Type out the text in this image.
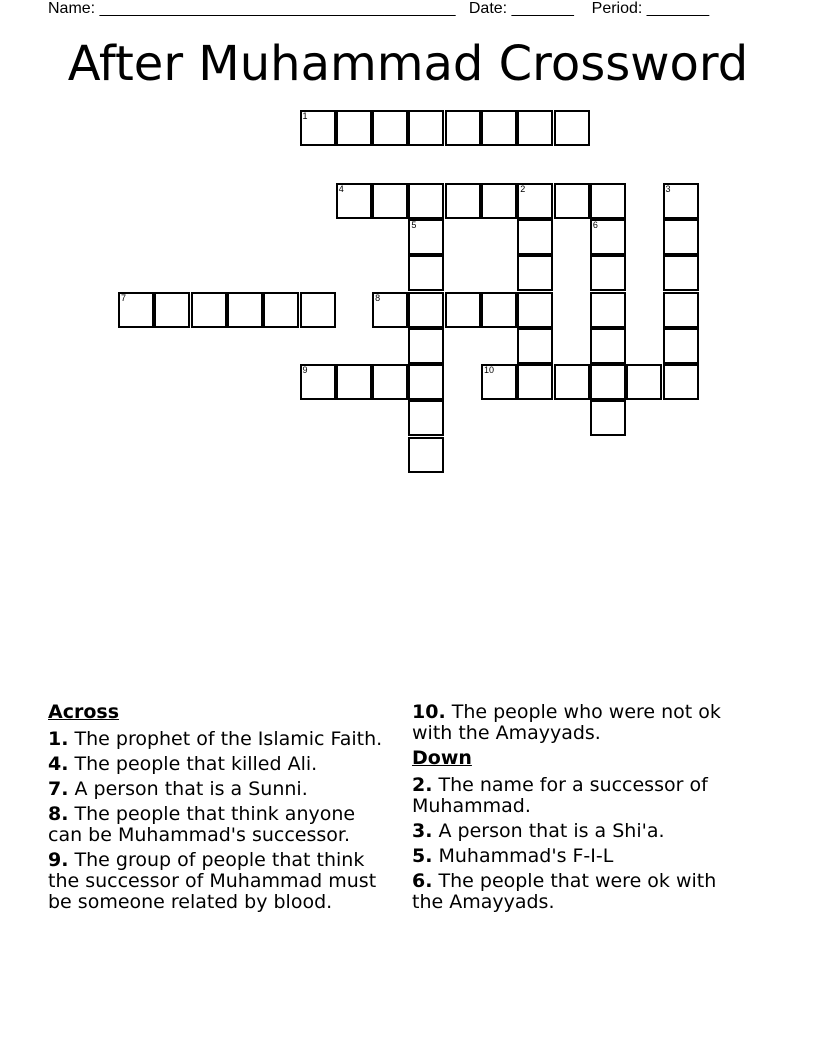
Name: ________________________________________ Date: _______ Period: _______
After Muhammad Crossword
1
4	2
7	8
9	10
3
5	6
Across
1. The prophet of the Islamic Faith.
4. The people that killed Ali.
7. A person that is a Sunni.
8. The people that think anyone can be Muhammad's successor.
9. The group of people that think the successor of Muhammad must be someone related by blood.
10. The people who were not ok with the Amayyads.
Down
2. The name for a successor of Muhammad.
3. A person that is a Shi'a.
5. Muhammad's F-I-L
6. The people that were ok with the Amayyads.
